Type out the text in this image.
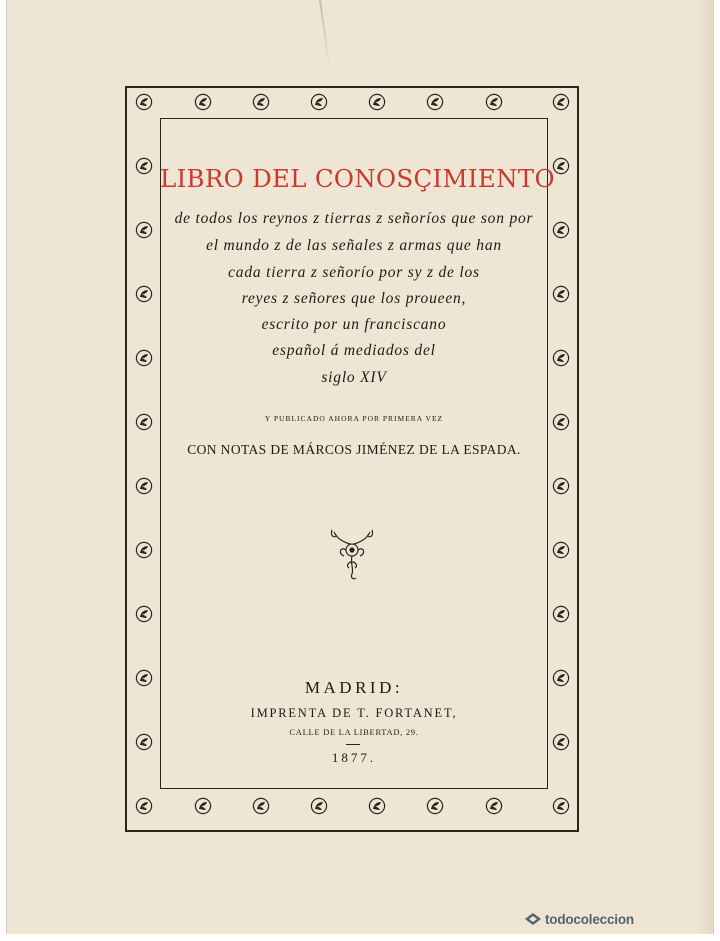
LIBRO DEL CONOSÇIMIENTO
de todos los reynos z tierras z señoríos que son por
el mundo z de las señales z armas que han
cada tierra z señorío por sy z de los
reyes z señores que los proueen,
escrito por un franciscano
español á mediados del
siglo XIV
Y PUBLICADO AHORA POR PRIMERA VEZ
CON NOTAS DE MÁRCOS JIMÉNEZ DE LA ESPADA.
MADRID:
IMPRENTA DE T. FORTANET,
CALLE DE LA LIBERTAD, 29.
1877.
todocoleccion
